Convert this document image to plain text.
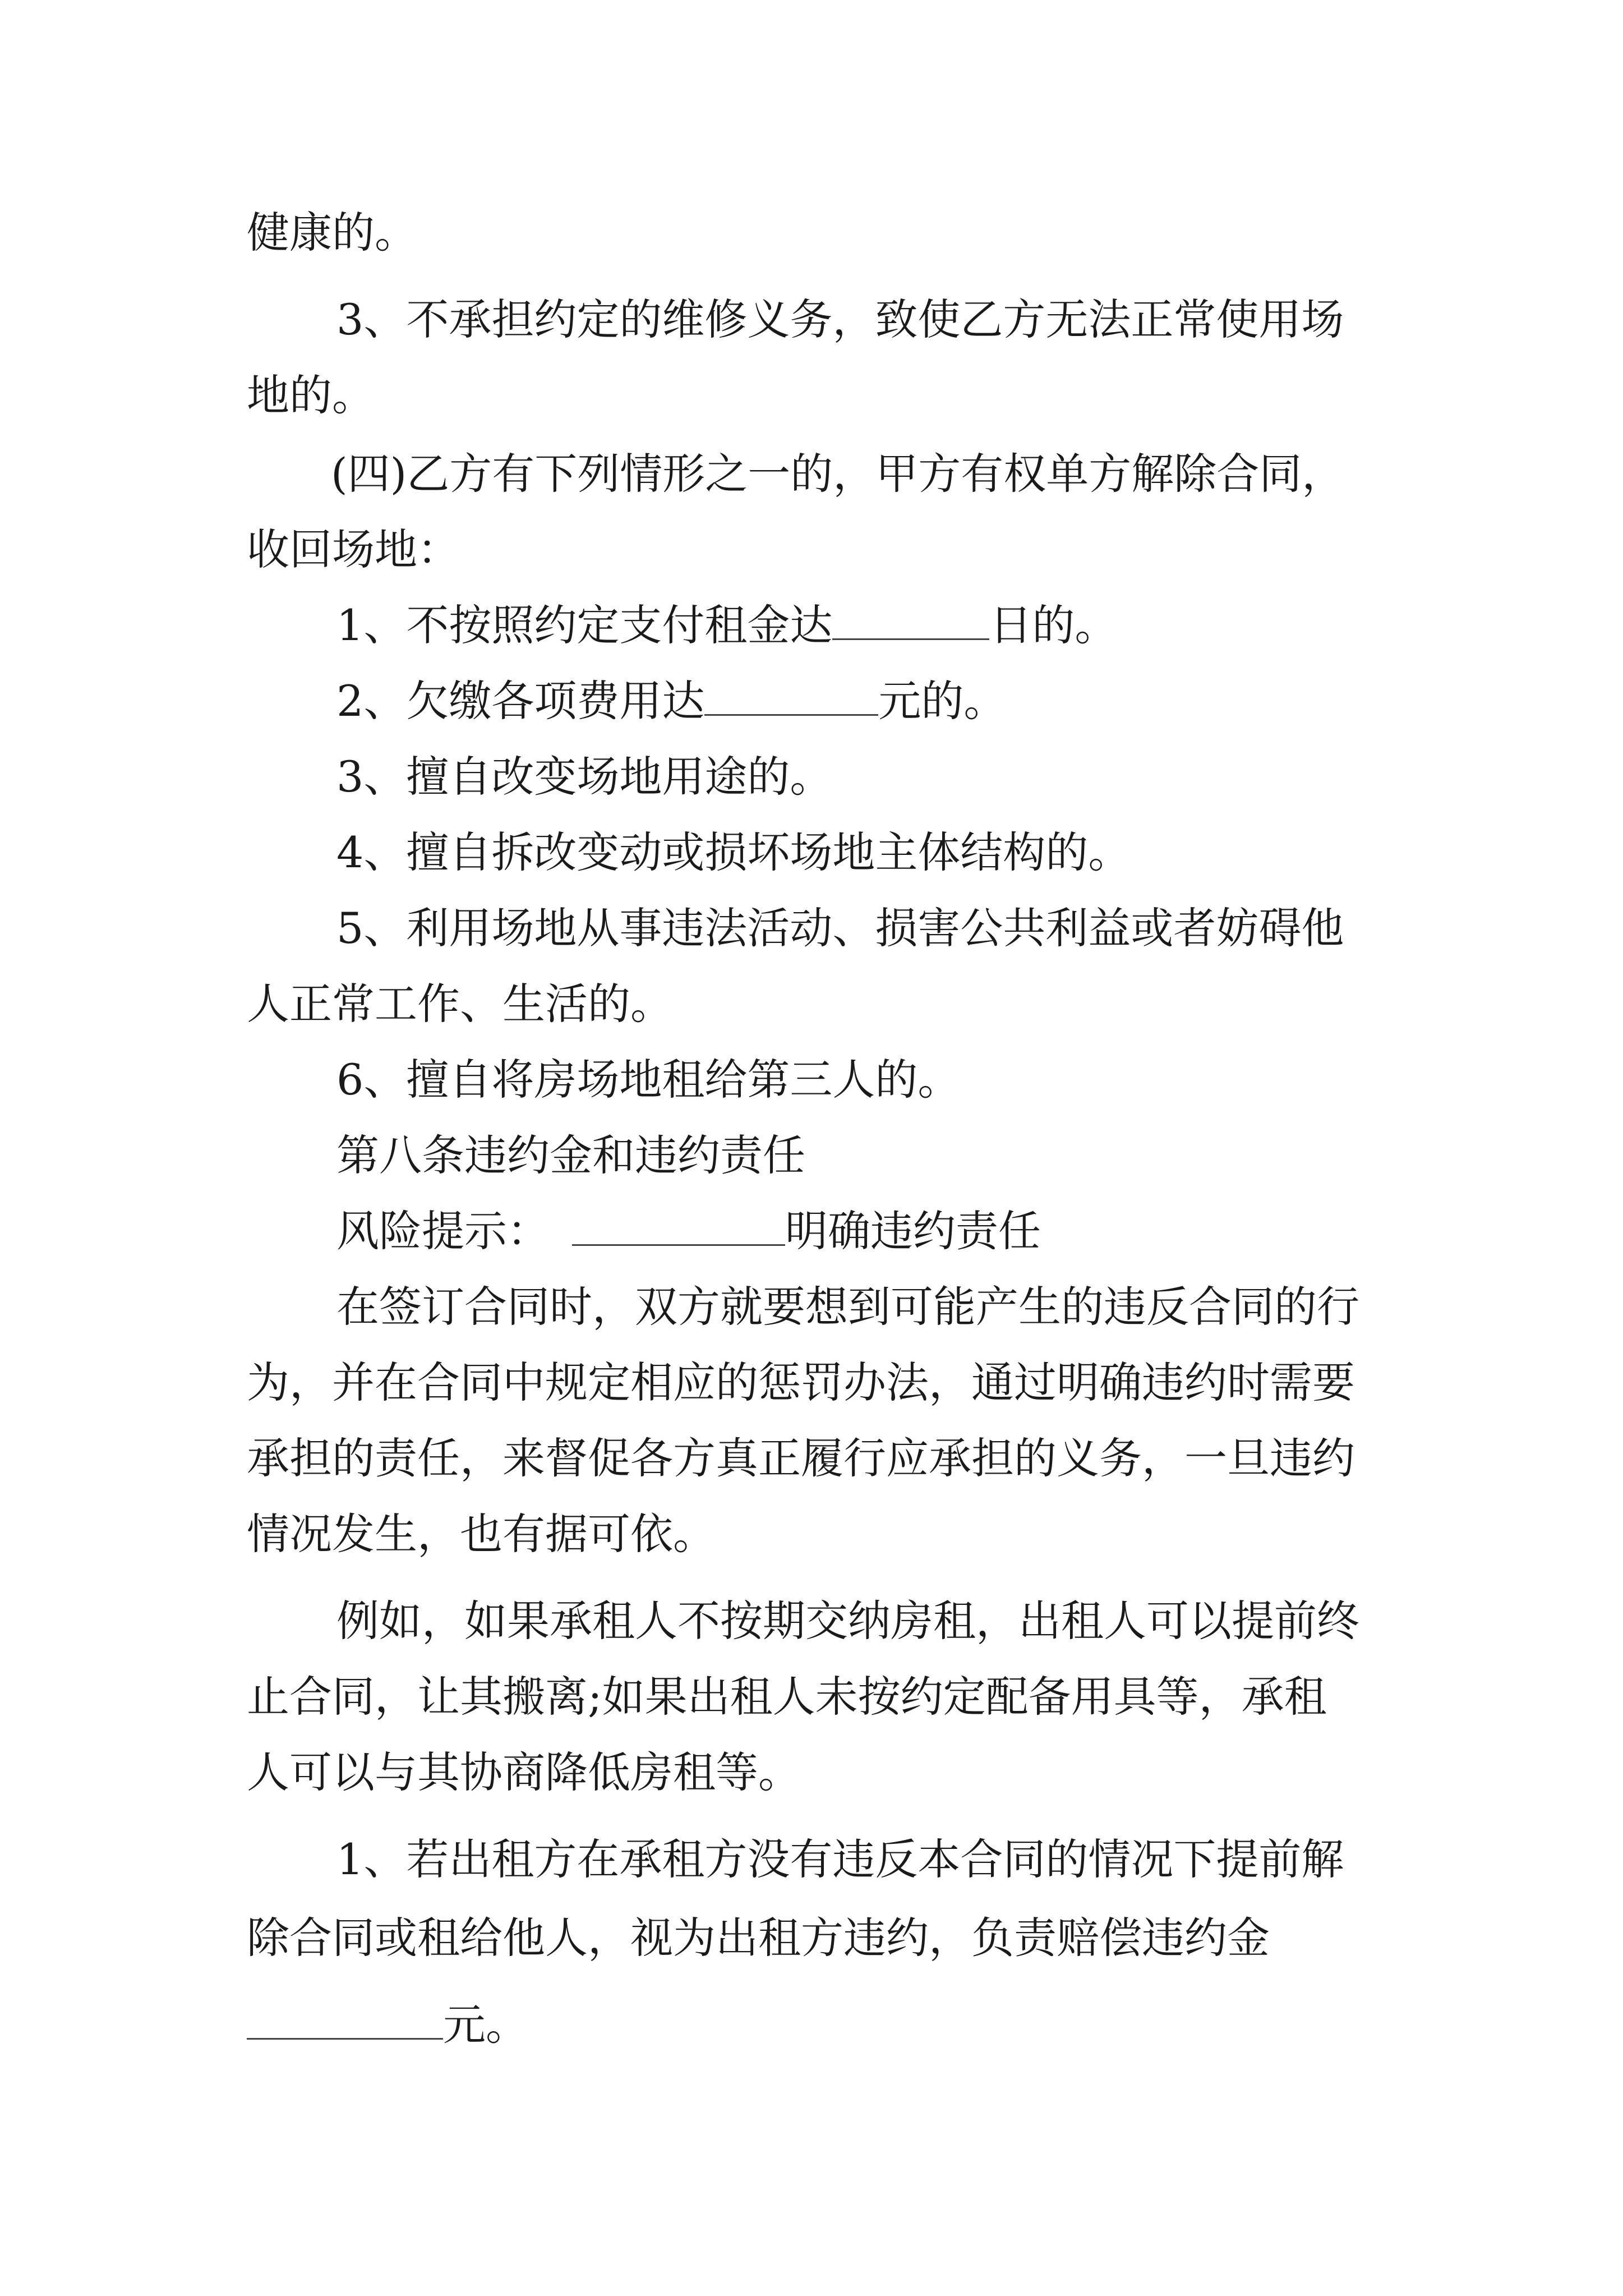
健康的。
3、不承担约定的维修义务，致使乙方无法正常使用场
地的。
(四)乙方有下列情形之一的，甲方有权单方解除合同，
收回场地：
1、不按照约定支付租金达	日的。
2、欠缴各项费用达	元的。
3、擅自改变场地用途的。
4、擅自拆改变动或损坏场地主体结构的。
5、利用场地从事违法活动、损害公共利益或者妨碍他
人正常工作、生活的。
6、擅自将房场地租给第三人的。
第八条违约金和违约责任
风险提示：	明确违约责任
在签订合同时，双方就要想到可能产生的违反合同的行
为，并在合同中规定相应的惩罚办法，通过明确违约时需要
承担的责任，来督促各方真正履行应承担的义务，一旦违约
情况发生，也有据可依。
例如，如果承租人不按期交纳房租，出租人可以提前终
止合同，让其搬离;如果出租人未按约定配备用具等，承租
人可以与其协商降低房租等。
1、若出租方在承租方没有违反本合同的情况下提前解
除合同或租给他人，视为出租方违约，负责赔偿违约金
元。
